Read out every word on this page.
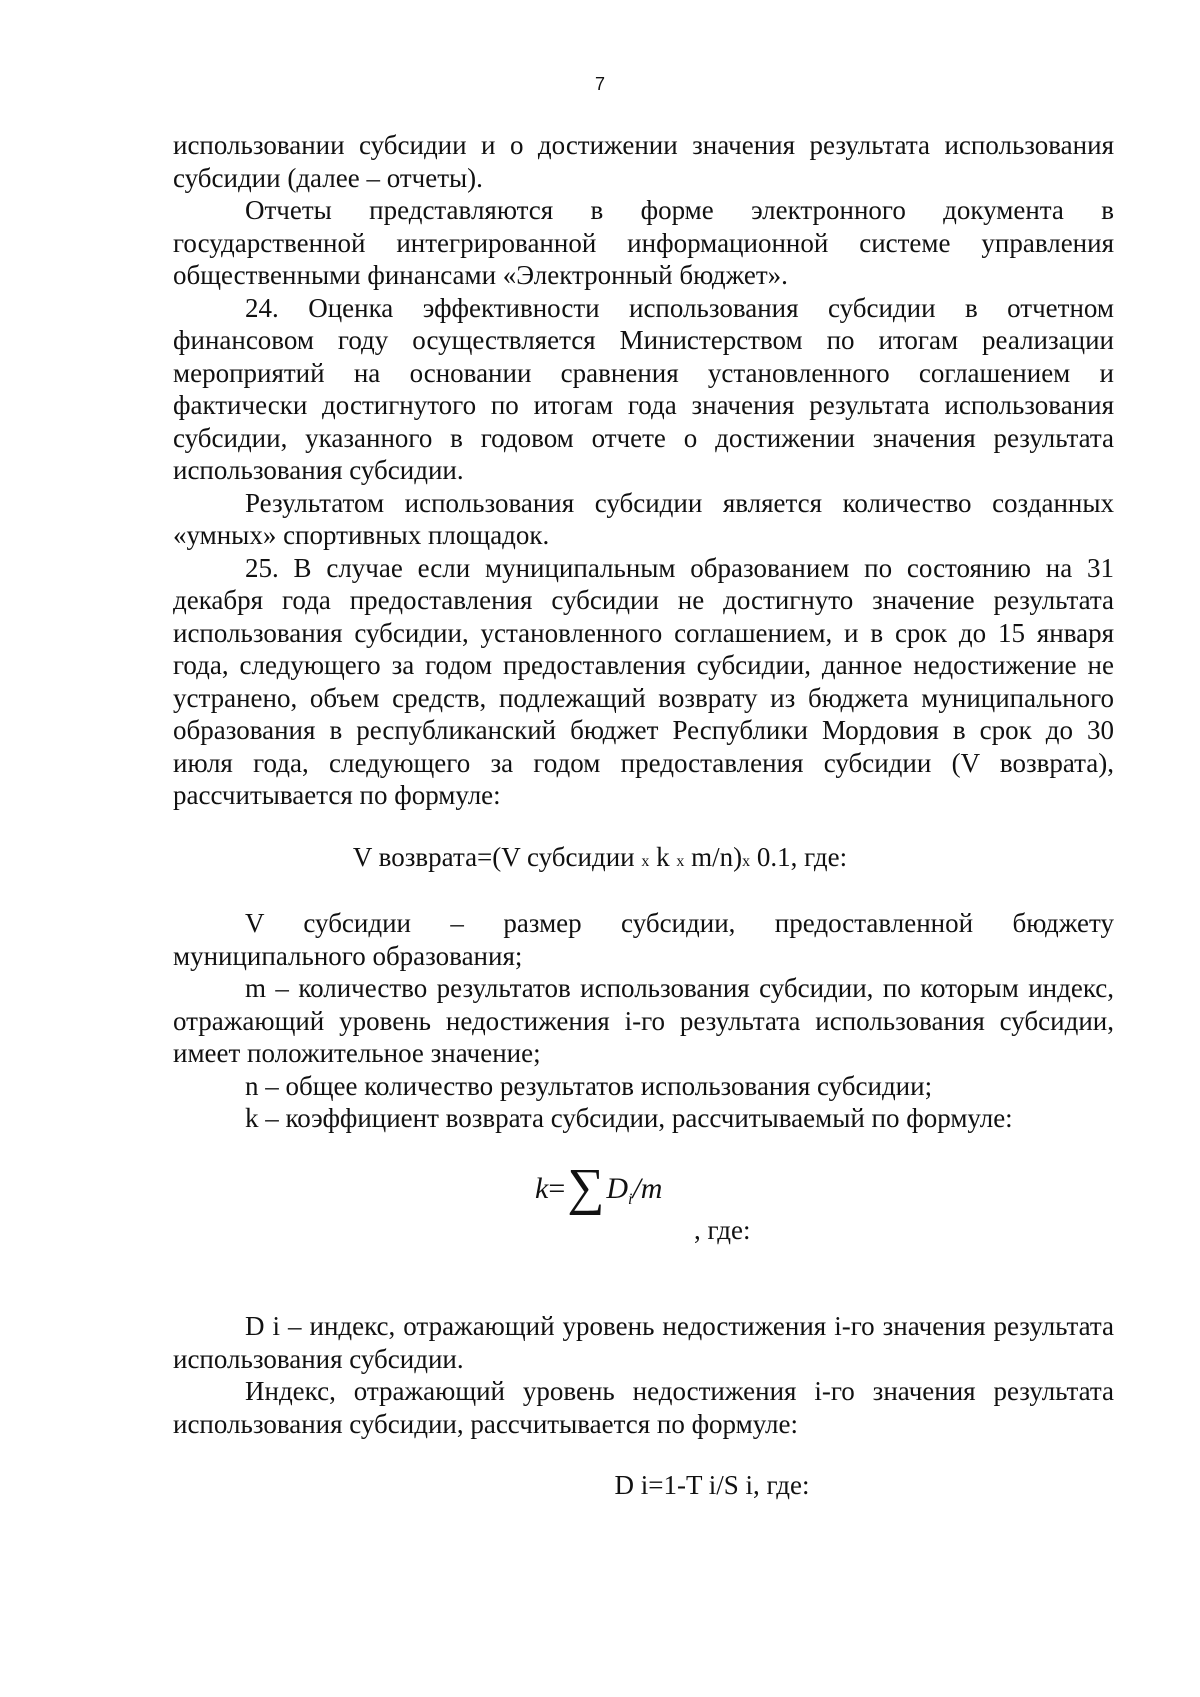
7

использовании субсидии и о достижении значения результата использования субсидии (далее – отчеты).

Отчеты представляются в форме электронного документа в государственной интегрированной информационной системе управления общественными финансами «Электронный бюджет».

24. Оценка эффективности использования субсидии в отчетном финансовом году осуществляется Министерством по итогам реализации мероприятий на основании сравнения установленного соглашением и фактически достигнутого по итогам года значения результата использования субсидии, указанного в годовом отчете о достижении значения результата использования субсидии.

Результатом использования субсидии является количество созданных «умных» спортивных площадок.

25. В случае если муниципальным образованием по состоянию на 31 декабря года предоставления субсидии не достигнуто значение результата использования субсидии, установленного соглашением, и в срок до 15 января года, следующего за годом предоставления субсидии, данное недостижение не устранено, объем средств, подлежащий возврату из бюджета муниципального образования в республиканский бюджет Республики Мордовия в срок до 30 июля года, следующего за годом предоставления субсидии (V возврата), рассчитывается по формуле:

V возврата=(V субсидии x k x m/n)x 0.1, где:

V субсидии – размер субсидии, предоставленной бюджету муниципального образования;

m – количество результатов использования субсидии, по которым индекс, отражающий уровень недостижения i-го результата использования субсидии, имеет положительное значение;

n – общее количество результатов использования субсидии;

k – коэффициент возврата субсидии, рассчитываемый по формуле:

$k=\sum D_i/m$
, где:

D i – индекс, отражающий уровень недостижения i-го значения результата использования субсидии.

Индекс, отражающий уровень недостижения i-го значения результата использования субсидии, рассчитывается по формуле:

D i=1-T i/S i, где:
